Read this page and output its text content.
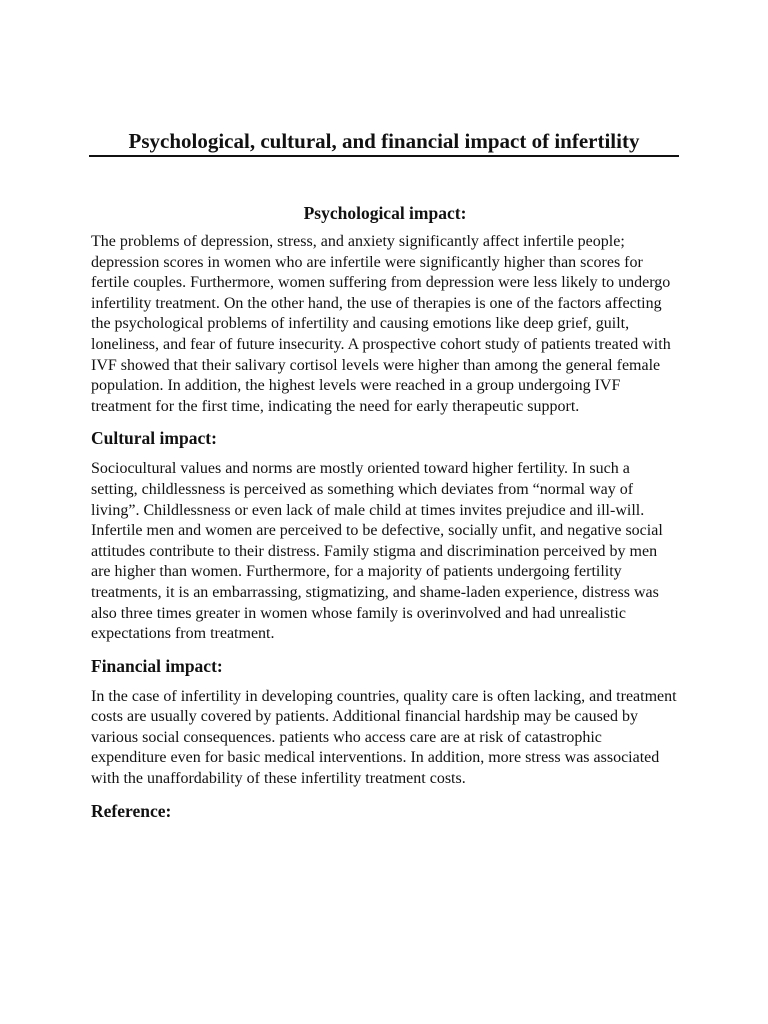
Psychological, cultural, and financial impact of infertility
Psychological impact:

The problems of depression, stress, and anxiety significantly affect infertile people; depression scores in women who are infertile were significantly higher than scores for fertile couples. Furthermore, women suffering from depression were less likely to undergo infertility treatment. On the other hand, the use of therapies is one of the factors affecting the psychological problems of infertility and causing emotions like deep grief, guilt, loneliness, and fear of future insecurity. A prospective cohort study of patients treated with IVF showed that their salivary cortisol levels were higher than among the general female population. In addition, the highest levels were reached in a group undergoing IVF treatment for the first time, indicating the need for early therapeutic support.

Cultural impact:

Sociocultural values and norms are mostly oriented toward higher fertility. In such a setting, childlessness is perceived as something which deviates from “normal way of living”. Childlessness or even lack of male child at times invites prejudice and ill-will. Infertile men and women are perceived to be defective, socially unfit, and negative social attitudes contribute to their distress. Family stigma and discrimination perceived by men are higher than women. Furthermore, for a majority of patients undergoing fertility treatments, it is an embarrassing, stigmatizing, and shame-laden experience, distress was also three times greater in women whose family is overinvolved and had unrealistic expectations from treatment.

Financial impact:

In the case of infertility in developing countries, quality care is often lacking, and treatment costs are usually covered by patients. Additional financial hardship may be caused by various social consequences. patients who access care are at risk of catastrophic expenditure even for basic medical interventions. In addition, more stress was associated with the unaffordability of these infertility treatment costs.

Reference:
